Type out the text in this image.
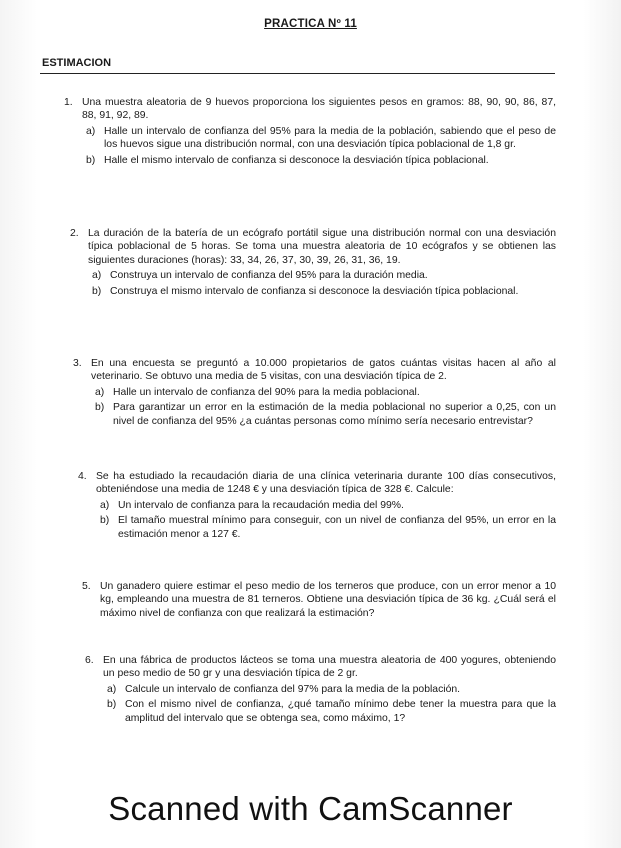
PRACTICA Nº 11
ESTIMACION
1. Una muestra aleatoria de 9 huevos proporciona los siguientes pesos en gramos: 88, 90, 90, 86, 87, 88, 91, 92, 89.
a) Halle un intervalo de confianza del 95% para la media de la población, sabiendo que el peso de los huevos sigue una distribución normal, con una desviación típica poblacional de 1,8 gr.
b) Halle el mismo intervalo de confianza si desconoce la desviación típica poblacional.
2. La duración de la batería de un ecógrafo portátil sigue una distribución normal con una desviación típica poblacional de 5 horas. Se toma una muestra aleatoria de 10 ecógrafos y se obtienen las siguientes duraciones (horas): 33, 34, 26, 37, 30, 39, 26, 31, 36, 19.
a) Construya un intervalo de confianza del 95% para la duración media.
b) Construya el mismo intervalo de confianza si desconoce la desviación típica poblacional.
3. En una encuesta se preguntó a 10.000 propietarios de gatos cuántas visitas hacen al año al veterinario. Se obtuvo una media de 5 visitas, con una desviación típica de 2.
a) Halle un intervalo de confianza del 90% para la media poblacional.
b) Para garantizar un error en la estimación de la media poblacional no superior a 0,25, con un nivel de confianza del 95% ¿a cuántas personas como mínimo sería necesario entrevistar?
4. Se ha estudiado la recaudación diaria de una clínica veterinaria durante 100 días consecutivos, obteniéndose una media de 1248 € y una desviación típica de 328 €. Calcule:
a) Un intervalo de confianza para la recaudación media del 99%.
b) El tamaño muestral mínimo para conseguir, con un nivel de confianza del 95%, un error en la estimación menor a 127 €.
5. Un ganadero quiere estimar el peso medio de los terneros que produce, con un error menor a 10 kg, empleando una muestra de 81 terneros. Obtiene una desviación típica de 36 kg. ¿Cuál será el máximo nivel de confianza con que realizará la estimación?
6. En una fábrica de productos lácteos se toma una muestra aleatoria de 400 yogures, obteniendo un peso medio de 50 gr y una desviación típica de 2 gr.
a) Calcule un intervalo de confianza del 97% para la media de la población.
b) Con el mismo nivel de confianza, ¿qué tamaño mínimo debe tener la muestra para que la amplitud del intervalo que se obtenga sea, como máximo, 1?
Scanned with CamScanner
